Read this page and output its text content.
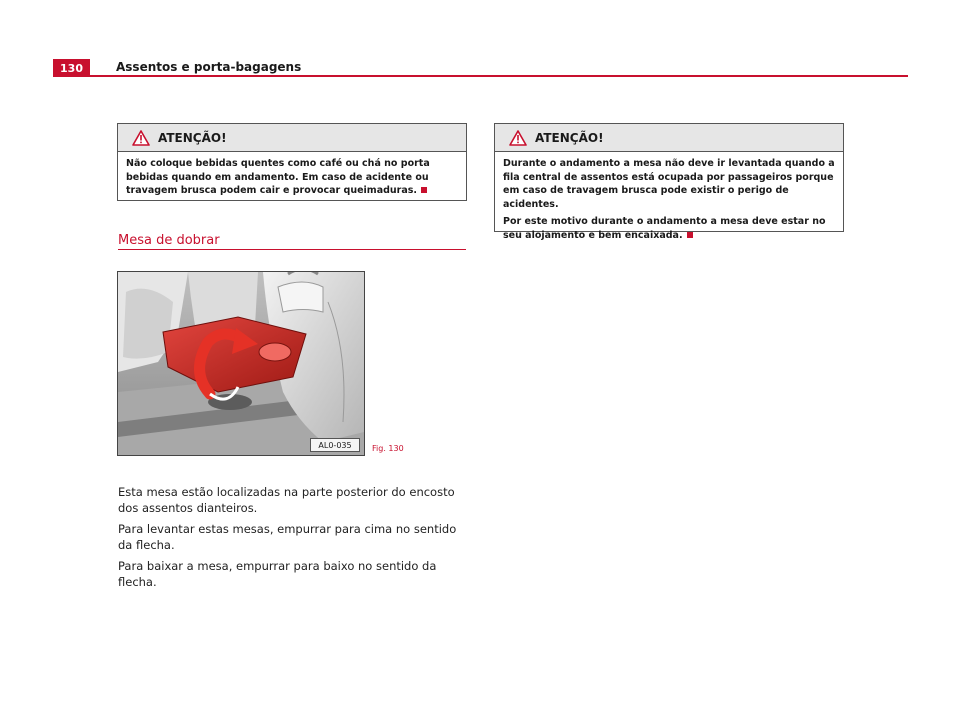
130	Assentos e porta-bagagens
ATENÇÃO!

Não coloque bebidas quentes como café ou chá no porta bebidas quando em andamento. Em caso de acidente ou travagem brusca podem cair e provocar queimaduras.

ATENÇÃO!

Durante o andamento a mesa não deve ir levantada quando a fila central de assentos está ocupada por passageiros porque em caso de travagem brusca pode existir o perigo de acidentes.

Por este motivo durante o andamento a mesa deve estar no seu alojamento e bem encaixada.

Mesa de dobrar
AL0-035	Fig. 130

Esta mesa estão localizadas na parte posterior do encosto dos assentos dianteiros.

Para levantar estas mesas, empurrar para cima no sentido da flecha.

Para baixar a mesa, empurrar para baixo no sentido da flecha.
